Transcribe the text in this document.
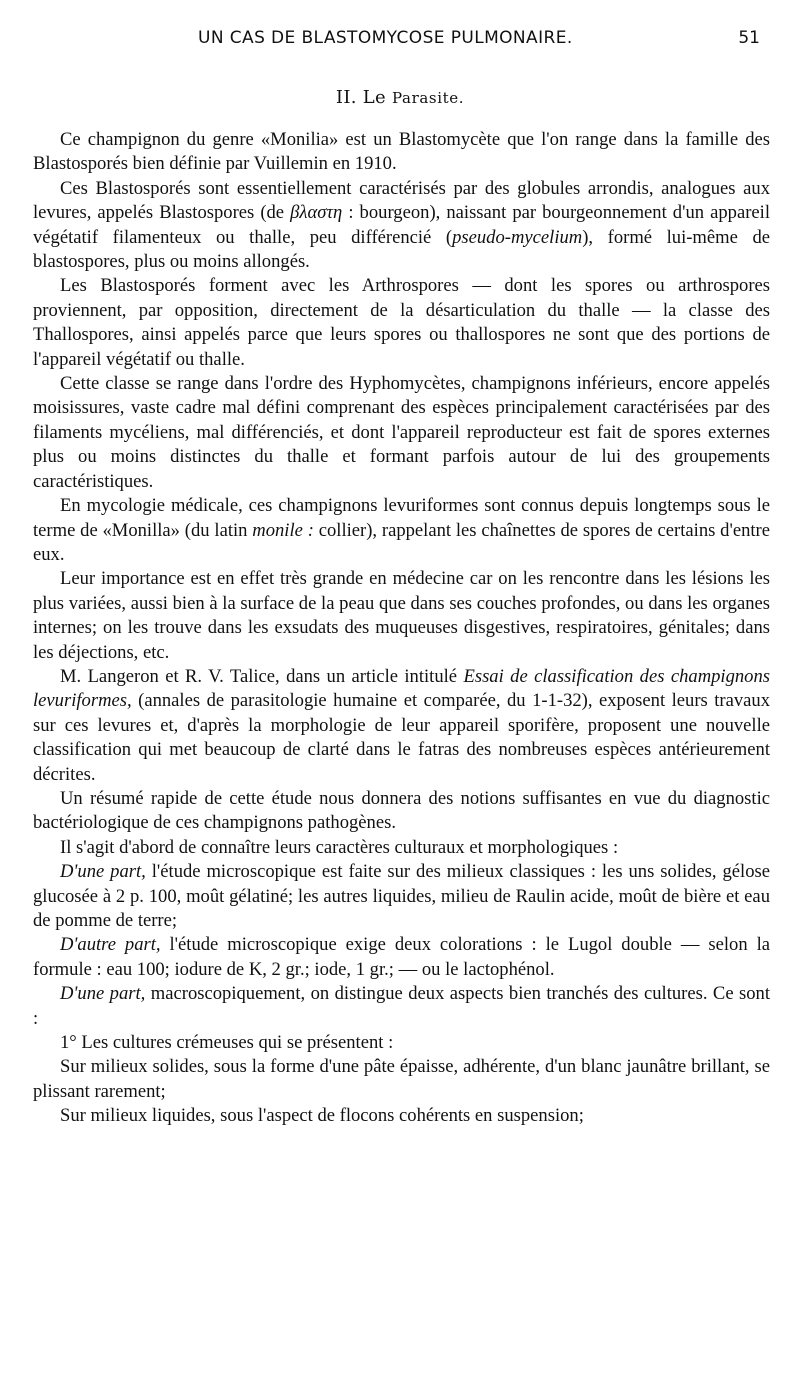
UN CAS DE BLASTOMYCOSE PULMONAIRE.	51
II. Le Parasite.

Ce champignon du genre «Monilia» est un Blastomycète que l'on range dans la famille des Blastosporés bien définie par Vuillemin en 1910.

Ces Blastosporés sont essentiellement caractérisés par des globules arrondis, analogues aux levures, appelés Blastospores (de βλαστη : bourgeon), naissant par bourgeonnement d'un appareil végétatif filamenteux ou thalle, peu différencié (pseudo-mycelium), formé lui-même de blastospores, plus ou moins allongés.

Les Blastosporés forment avec les Arthrospores — dont les spores ou arthrospores proviennent, par opposition, directement de la désarticulation du thalle — la classe des Thallospores, ainsi appelés parce que leurs spores ou thallospores ne sont que des portions de l'appareil végétatif ou thalle.

Cette classe se range dans l'ordre des Hyphomycètes, champignons inférieurs, encore appelés moisissures, vaste cadre mal défini comprenant des espèces principalement caractérisées par des filaments mycéliens, mal différenciés, et dont l'appareil reproducteur est fait de spores externes plus ou moins distinctes du thalle et formant parfois autour de lui des groupements caractéristiques.

En mycologie médicale, ces champignons levuriformes sont connus depuis longtemps sous le terme de «Monilla» (du latin monile : collier), rappelant les chaînettes de spores de certains d'entre eux.

Leur importance est en effet très grande en médecine car on les rencontre dans les lésions les plus variées, aussi bien à la surface de la peau que dans ses couches profondes, ou dans les organes internes; on les trouve dans les exsudats des muqueuses disgestives, respiratoires, génitales; dans les déjections, etc.

M. Langeron et R. V. Talice, dans un article intitulé Essai de classification des champignons levuriformes, (annales de parasitologie humaine et comparée, du 1-1-32), exposent leurs travaux sur ces levures et, d'après la morphologie de leur appareil sporifère, proposent une nouvelle classification qui met beaucoup de clarté dans le fatras des nombreuses espèces antérieurement décrites.

Un résumé rapide de cette étude nous donnera des notions suffisantes en vue du diagnostic bactériologique de ces champignons pathogènes.

Il s'agit d'abord de connaître leurs caractères culturaux et morphologiques :

D'une part, l'étude microscopique est faite sur des milieux classiques : les uns solides, gélose glucosée à 2 p. 100, moût gélatiné; les autres liquides, milieu de Raulin acide, moût de bière et eau de pomme de terre;

D'autre part, l'étude microscopique exige deux colorations : le Lugol double — selon la formule : eau 100; iodure de K, 2 gr.; iode, 1 gr.; — ou le lactophénol.

D'une part, macroscopiquement, on distingue deux aspects bien tranchés des cultures. Ce sont :

1° Les cultures crémeuses qui se présentent :

Sur milieux solides, sous la forme d'une pâte épaisse, adhérente, d'un blanc jaunâtre brillant, se plissant rarement;

Sur milieux liquides, sous l'aspect de flocons cohérents en suspension;
